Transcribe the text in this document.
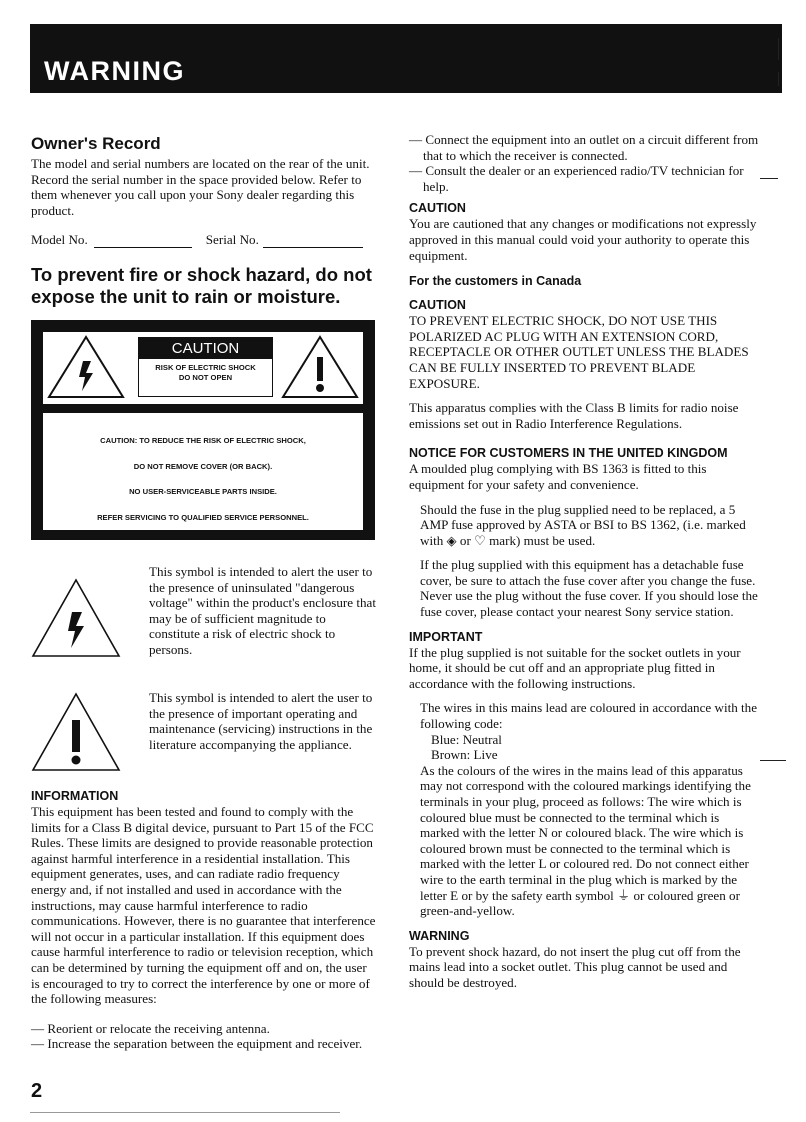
WARNING
Owner's Record

The model and serial numbers are located on the rear of the unit. Record the serial number in the space provided below. Refer to them whenever you call upon your Sony dealer regarding this product.

Model No.	Serial No.
To prevent fire or shock hazard, do not expose the unit to rain or moisture.
CAUTION
RISK OF ELECTRIC SHOCK
DO NOT OPEN
CAUTION: TO REDUCE THE RISK OF ELECTRIC SHOCK,
DO NOT REMOVE COVER (OR BACK).
NO USER-SERVICEABLE PARTS INSIDE.
REFER SERVICING TO QUALIFIED SERVICE PERSONNEL.

This symbol is intended to alert the user to the presence of uninsulated "dangerous voltage" within the product's enclosure that may be of sufficient magnitude to constitute a risk of electric shock to persons.

This symbol is intended to alert the user to the presence of important operating and maintenance (servicing) instructions in the literature accompanying the appliance.

INFORMATION

This equipment has been tested and found to comply with the limits for a Class B digital device, pursuant to Part 15 of the FCC Rules. These limits are designed to provide reasonable protection against harmful interference in a residential installation. This equipment generates, uses, and can radiate radio frequency energy and, if not installed and used in accordance with the instructions, may cause harmful interference to radio communications. However, there is no guarantee that interference will not occur in a particular installation. If this equipment does cause harmful interference to radio or television reception, which can be determined by turning the equipment off and on, the user is encouraged to try to correct the interference by one or more of the following measures:

— Reorient or relocate the receiving antenna.
— Increase the separation between the equipment and receiver.
— Connect the equipment into an outlet on a circuit different from that to which the receiver is connected.
— Consult the dealer or an experienced radio/TV technician for help.
CAUTION

You are cautioned that any changes or modifications not expressly approved in this manual could void your authority to operate this equipment.

For the customers in Canada
CAUTION

TO PREVENT ELECTRIC SHOCK, DO NOT USE THIS POLARIZED AC PLUG WITH AN EXTENSION CORD, RECEPTACLE OR OTHER OUTLET UNLESS THE BLADES CAN BE FULLY INSERTED TO PREVENT BLADE EXPOSURE.

This apparatus complies with the Class B limits for radio noise emissions set out in Radio Interference Regulations.

NOTICE FOR CUSTOMERS IN THE UNITED KINGDOM

A moulded plug complying with BS 1363 is fitted to this equipment for your safety and convenience.

Should the fuse in the plug supplied need to be replaced, a 5 AMP fuse approved by ASTA or BSI to BS 1362, (i.e. marked with ◈ or ♡ mark) must be used.

If the plug supplied with this equipment has a detachable fuse cover, be sure to attach the fuse cover after you change the fuse. Never use the plug without the fuse cover. If you should lose the fuse cover, please contact your nearest Sony service station.

IMPORTANT

If the plug supplied is not suitable for the socket outlets in your home, it should be cut off and an appropriate plug fitted in accordance with the following instructions.

The wires in this mains lead are coloured in accordance with the following code:
Blue: Neutral
Brown: Live

As the colours of the wires in the mains lead of this apparatus may not correspond with the coloured markings identifying the terminals in your plug, proceed as follows: The wire which is coloured blue must be connected to the terminal which is marked with the letter N or coloured black. The wire which is coloured brown must be connected to the terminal which is marked with the letter L or coloured red. Do not connect either wire to the earth terminal in the plug which is marked by the letter E or by the safety earth symbol ⏚ or coloured green or green-and-yellow.

WARNING

To prevent shock hazard, do not insert the plug cut off from the mains lead into a socket outlet. This plug cannot be used and should be destroyed.

2
